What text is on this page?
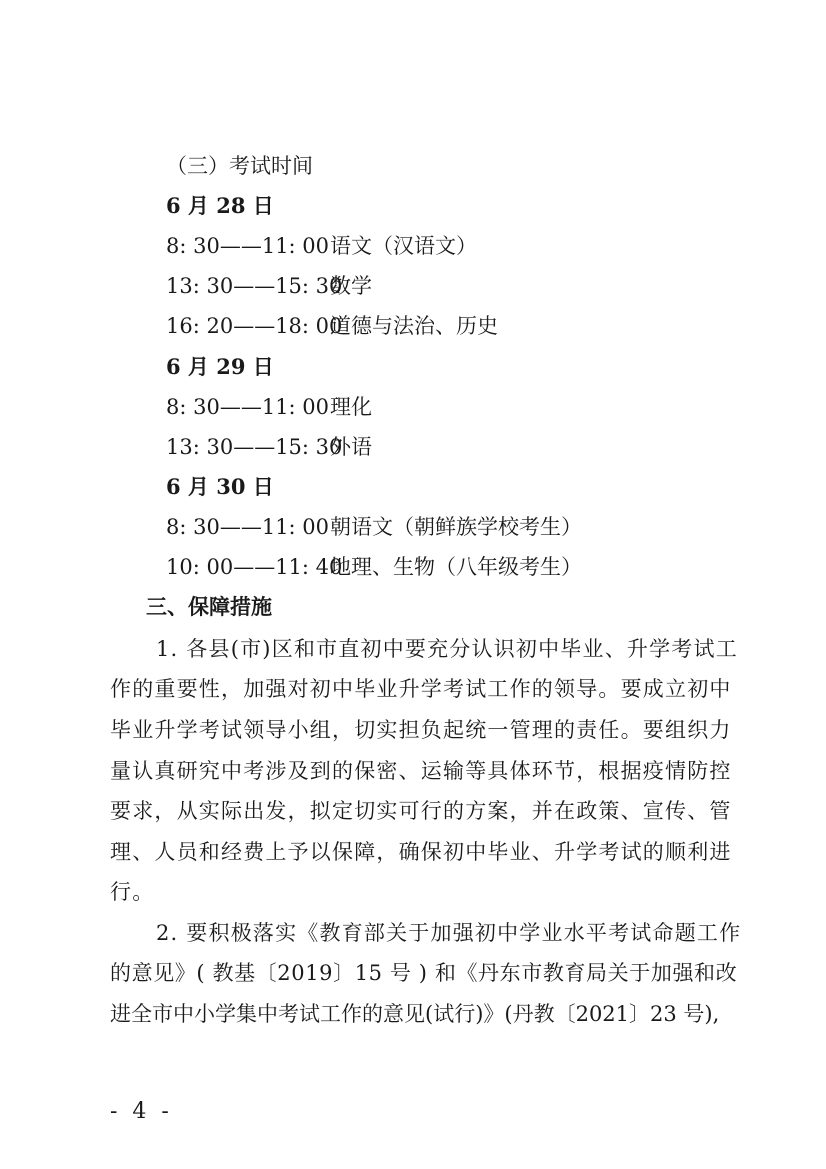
（三）考试时间
6 月 28 日
8: 30——11: 00语文（汉语文）
13: 30——15: 30数学
16: 20——18: 00道德与法治、历史
6 月 29 日
8: 30——11: 00理化
13: 30——15: 30外语
6 月 30 日
8: 30——11: 00朝语文（朝鲜族学校考生）
10: 00——11: 40地理、生物（八年级考生）
三、保障措施
1. 各县(市)区和市直初中要充分认识初中毕业、升学考试工
作的重要性，加强对初中毕业升学考试工作的领导。要成立初中
毕业升学考试领导小组，切实担负起统一管理的责任。要组织力
量认真研究中考涉及到的保密、运输等具体环节，根据疫情防控
要求，从实际出发，拟定切实可行的方案，并在政策、宣传、管
理、人员和经费上予以保障，确保初中毕业、升学考试的顺利进
行。
2. 要积极落实《教育部关于加强初中学业水平考试命题工作
的意见》( 教基〔2019〕15 号 ) 和《丹东市教育局关于加强和改
进全市中小学集中考试工作的意见(试行)》(丹教〔2021〕23 号),
- 4 -
